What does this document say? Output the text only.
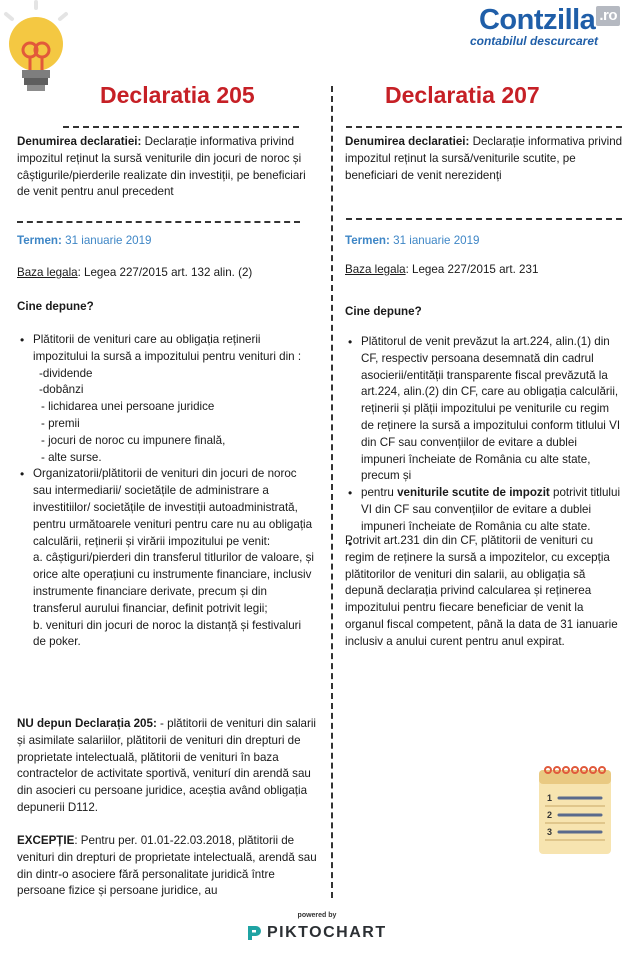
Contzilla .ro
contabilul descurcaret
Declaratia 205	Declaratia 207
Denumirea declaratiei: Declarație informativa privind impozitul reținut la sursă veniturile din jocuri de noroc și câștigurile/pierderile realizate din investiții, pe beneficiari de venit pentru anul precedent
Termen: 31 ianuarie 2019
Baza legala: Legea 227/2015 art. 132 alin. (2)
Cine depune?
• Plătitorii de venituri care au obligația reținerii impozitului la sursă a impozitului pentru venituri din :
-dividende
-dobânzi
- lichidarea unei persoane juridice
- premii
- jocuri de noroc cu impunere finală,
- alte surse.
• Organizatorii/plătitorii de venituri din jocuri de noroc sau intermediarii/ societățile de administrare a investitiilor/ societățile de investiții autoadministrată, pentru următoarele venituri pentru care nu au obligația calculării, reținerii și virării impozitului pe venit:
a. câștiguri/pierderi din transferul titlurilor de valoare, și orice alte operațiuni cu instrumente financiare, inclusiv instrumente financiare derivate, precum și din transferul aurului financiar, definit potrivit legii;
b. venituri din jocuri de noroc la distanță și festivaluri de poker.
NU depun Declarația 205: - plătitorii de venituri din salarii și asimilate salariilor, plătitorii de venituri din drepturi de proprietate intelectuală, plătitorii de venituri în baza contractelor de activitate sportivă, veniturí din arendă sau din asocieri cu persoane juridice, aceștia având obligația depunerii D112.
EXCEPȚIE: Pentru per. 01.01-22.03.2018, plătitorii de venituri din drepturi de proprietate intelectuală, arendă sau din dintr-o asociere fără personalitate juridică între persoane fizice și persoane juridice, au
Denumirea declaratiei: Declarație informativa privind impozitul reținut la sursă/veniturile scutite, pe beneficiari de venit nerezidenți
Termen: 31 ianuarie 2019
Baza legala: Legea 227/2015 art. 231
Cine depune?
• Plătitorul de venit prevăzut la art.224, alin.(1) din CF, respectiv persoana desemnată din cadrul asocierii/entității transparente fiscal prevăzută la art.224, alin.(2) din CF, care au obligația calculării, reținerii și plății impozitului pe veniturile cu regim de reținere la sursă a impozitului conform titlului VI din CF sau convențiilor de evitare a dublei impuneri încheiate de România cu alte state, precum și
• pentru veniturile scutite de impozit potrivit titlului VI din CF sau convențiilor de evitare a dublei impuneri încheiate de România cu alte state.
•
Potrivit art.231 din din CF, plătitorii de venituri cu regim de reținere la sursă a impozitelor, cu excepția plătitorilor de venituri din salarii, au obligația să depună declarația privind calcularea și reținerea impozitului pentru fiecare beneficiar de venit la organul fiscal competent, până la data de 31 ianuarie inclusiv a anului curent pentru anul expirat.
1
2
3
powered by
PIKTOCHART
